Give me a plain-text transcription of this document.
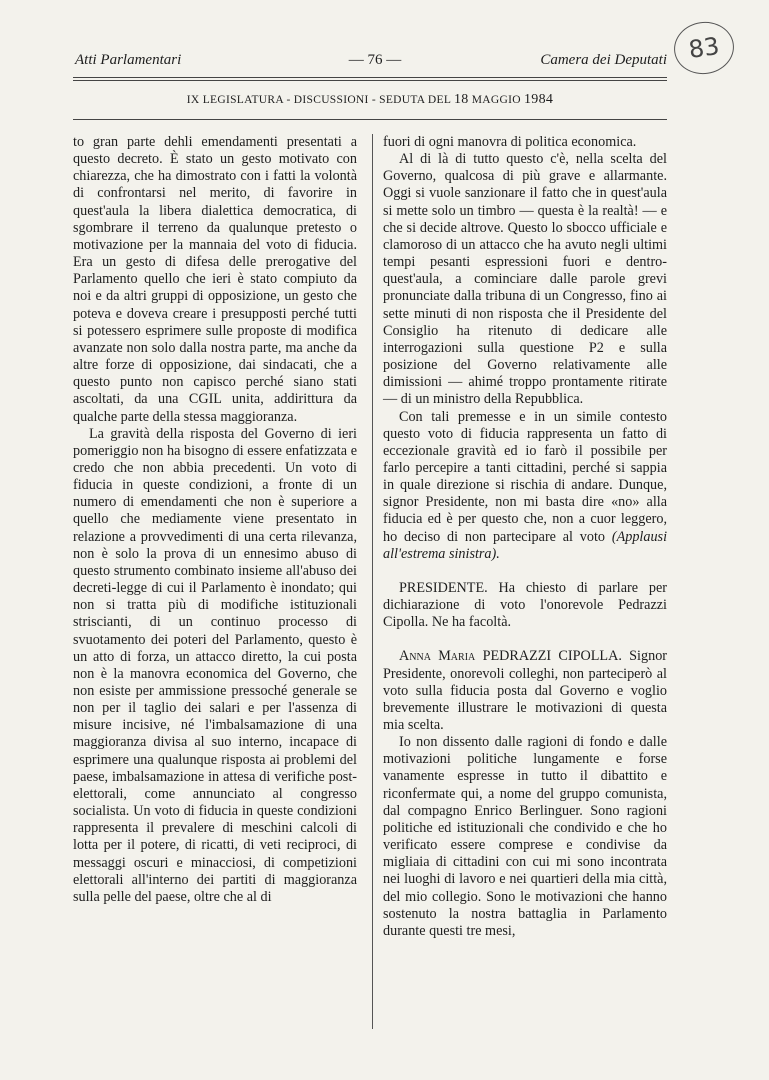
Atti Parlamentari	— 76 —	Camera dei Deputati 83
IX LEGISLATURA - DISCUSSIONI - SEDUTA DEL 18 MAGGIO 1984

to gran parte dehli emendamenti presentati a questo decreto. È stato un gesto motivato con chiarezza, che ha dimostrato con i fatti la volontà di confrontarsi nel merito, di favorire in quest'aula la libera dialettica democratica, di sgombrare il terreno da qualunque pretesto o motivazione per la mannaia del voto di fiducia. Era un gesto di difesa delle prerogative del Parlamento quello che ieri è stato compiuto da noi e da altri gruppi di opposizione, un gesto che poteva e doveva creare i presupposti perché tutti si potessero esprimere sulle proposte di modifica avanzate non solo dalla nostra parte, ma anche da altre forze di opposizione, dai sindacati, che a questo punto non capisco perché siano stati ascoltati, da una CGIL unita, addirittura da qualche parte della stessa maggioranza.

La gravità della risposta del Governo di ieri pomeriggio non ha bisogno di essere enfatizzata e credo che non abbia precedenti. Un voto di fiducia in queste condizioni, a fronte di un numero di emendamenti che non è superiore a quello che mediamente viene presentato in relazione a provvedimenti di una certa rilevanza, non è solo la prova di un ennesimo abuso di questo strumento combinato insieme all'abuso dei decreti-legge di cui il Parlamento è inondato; qui non si tratta più di modifiche istituzionali striscianti, di un continuo processo di svuotamento dei poteri del Parlamento, questo è un atto di forza, un attacco diretto, la cui posta non è la manovra economica del Governo, che non esiste per ammissione pressoché generale se non per il taglio dei salari e per l'assenza di misure incisive, né l'imbalsamazione di una maggioranza divisa al suo interno, incapace di esprimere una qualunque risposta ai problemi del paese, imbalsamazione in attesa di verifiche post-elettorali, come annunciato al congresso socialista. Un voto di fiducia in queste condizioni rappresenta il prevalere di meschini calcoli di lotta per il potere, di ricatti, di veti reciproci, di messaggi oscuri e minacciosi, di competizioni elettorali all'interno dei partiti di maggioranza sulla pelle del paese, oltre che al di

fuori di ogni manovra di politica economica.

Al di là di tutto questo c'è, nella scelta del Governo, qualcosa di più grave e allarmante. Oggi si vuole sanzionare il fatto che in quest'aula si mette solo un timbro — questa è la realtà! — e che si decide altrove. Questo lo sbocco ufficiale e clamoroso di un attacco che ha avuto negli ultimi tempi pesanti espressioni fuori e dentro-quest'aula, a cominciare dalle parole grevi pronunciate dalla tribuna di un Congresso, fino ai sette minuti di non risposta che il Presidente del Consiglio ha ritenuto di dedicare alle interrogazioni sulla questione P2 e sulla posizione del Governo relativamente alle dimissioni — ahimé troppo prontamente ritirate — di un ministro della Repubblica.

Con tali premesse e in un simile contesto questo voto di fiducia rappresenta un fatto di eccezionale gravità ed io farò il possibile per farlo percepire a tanti cittadini, perché si sappia in quale direzione si rischia di andare. Dunque, signor Presidente, non mi basta dire «no» alla fiducia ed è per questo che, non a cuor leggero, ho deciso di non partecipare al voto (Applausi all'estrema sinistra).

PRESIDENTE. Ha chiesto di parlare per dichiarazione di voto l'onorevole Pedrazzi Cipolla. Ne ha facoltà.

Anna Maria PEDRAZZI CIPOLLA. Signor Presidente, onorevoli colleghi, non parteciperò al voto sulla fiducia posta dal Governo e voglio brevemente illustrare le motivazioni di questa mia scelta.

Io non dissento dalle ragioni di fondo e dalle motivazioni politiche lungamente e forse vanamente espresse in tutto il dibattito e riconfermate qui, a nome del gruppo comunista, dal compagno Enrico Berlinguer. Sono ragioni politiche ed istituzionali che condivido e che ho verificato essere comprese e condivise da migliaia di cittadini con cui mi sono incontrata nei luoghi di lavoro e nei quartieri della mia città, del mio collegio. Sono le motivazioni che hanno sostenuto la nostra battaglia in Parlamento durante questi tre mesi,
